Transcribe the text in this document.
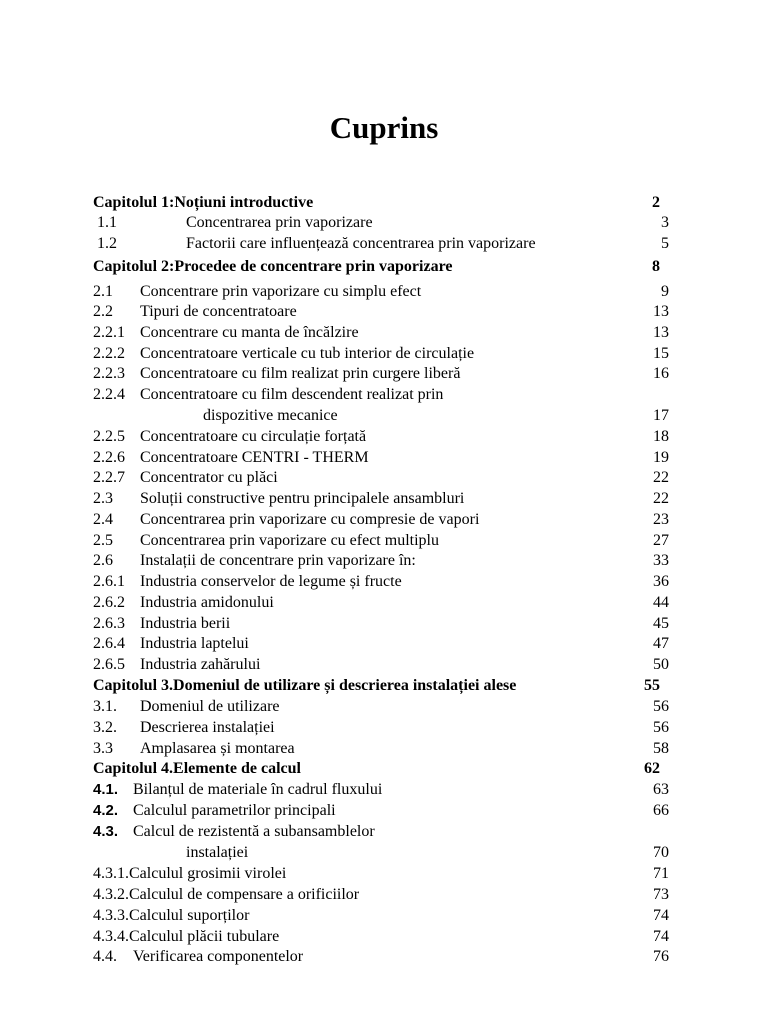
Cuprins
Capitolul 1:Noțiuni introductive	2
1.1	Concentrarea prin vaporizare	3
1.2	Factorii care influențează concentrarea prin vaporizare	5
Capitolul 2:Procedee de concentrare prin vaporizare	8
2.1 Concentrare prin vaporizare cu simplu efect	9
2.2 Tipuri de concentratoare	13
2.2.1 Concentrare cu manta de încălzire	13
2.2.2 Concentratoare verticale cu tub interior de circulație	15
2.2.3 Concentratoare cu film realizat prin curgere liberă	16
2.2.4 Concentratoare cu film descendent realizat prin
dispozitive mecanice	17
2.2.5 Concentratoare cu circulație forțată	18
2.2.6 Concentratoare CENTRI - THERM	19
2.2.7 Concentrator cu plăci	22
2.3 Soluții constructive pentru principalele ansambluri	22
2.4 Concentrarea prin vaporizare cu compresie de vapori	23
2.5 Concentrarea prin vaporizare cu efect multiplu	27
2.6 Instalații de concentrare prin vaporizare în:	33
2.6.1 Industria conservelor de legume și fructe	36
2.6.2 Industria amidonului	44
2.6.3 Industria berii	45
2.6.4 Industria laptelui	47
2.6.5 Industria zahărului	50
Capitolul 3.Domeniul de utilizare și descrierea instalației alese	55
3.1. Domeniul de utilizare	56
3.2. Descrierea instalației	56
3.3 Amplasarea și montarea	58
Capitolul 4.Elemente de calcul	62
4.1. Bilanțul de materiale în cadrul fluxului	63
4.2. Calculul parametrilor principali	66
4.3. Calcul de rezistentă a subansamblelor
instalației	70
4.3.1.Calculul grosimii virolei	71
4.3.2.Calculul de compensare a orificiilor	73
4.3.3.Calculul suporților	74
4.3.4.Calculul plăcii tubulare	74
4.4. Verificarea componentelor	76
